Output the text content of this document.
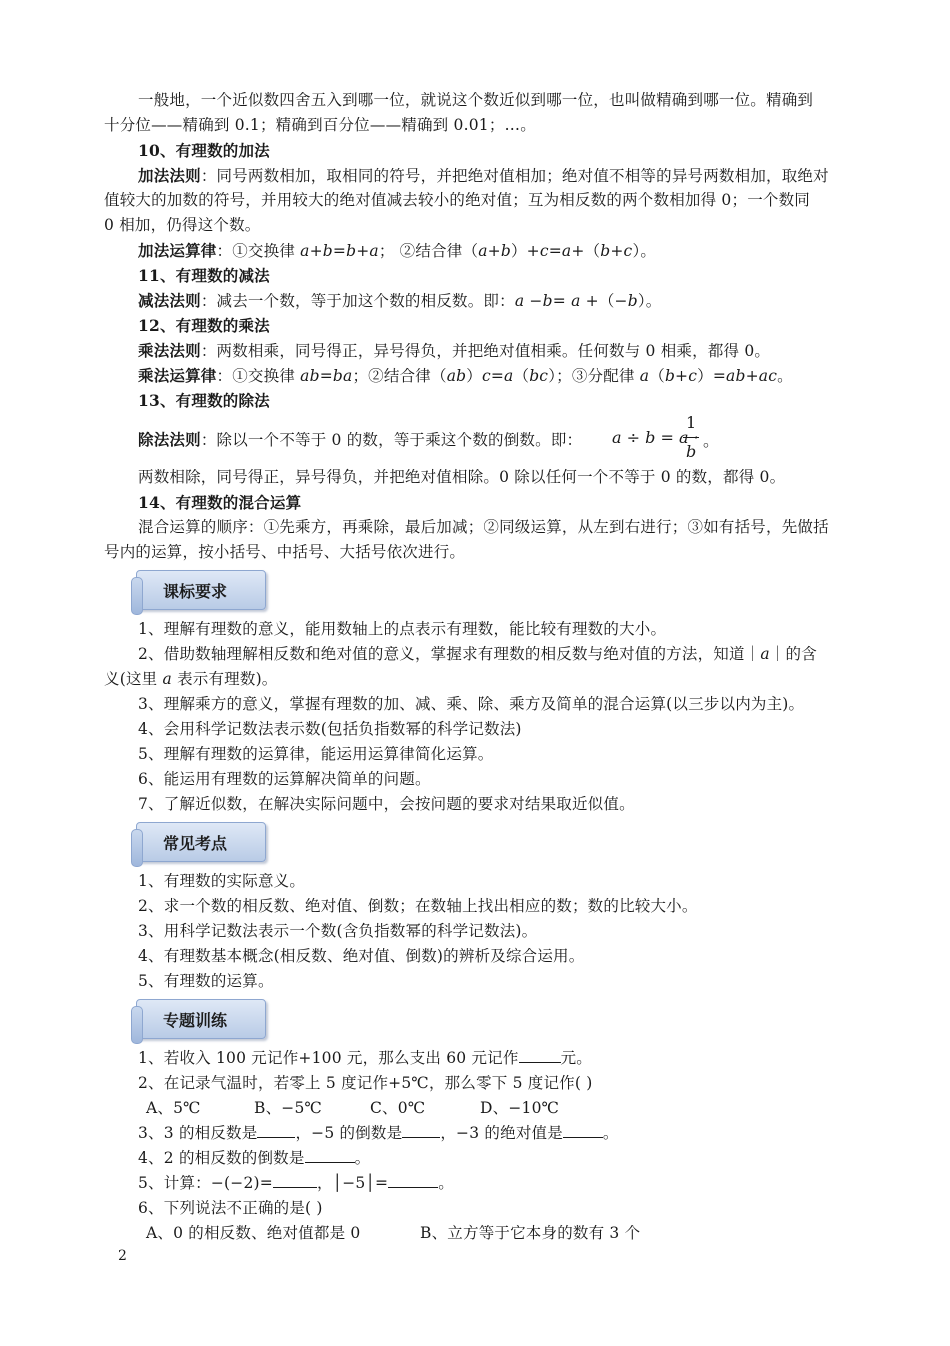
一般地，一个近似数四舍五入到哪一位，就说这个数近似到哪一位，也叫做精确到哪一位。精确到
十分位——精确到 0.1；精确到百分位——精确到 0.01；…。
10、有理数的加法
加法法则：同号两数相加，取相同的符号，并把绝对值相加；绝对值不相等的异号两数相加，取绝对
值较大的加数的符号，并用较大的绝对值减去较小的绝对值；互为相反数的两个数相加得 0；一个数同
0 相加，仍得这个数。
加法运算律：①交换律 a+b=b+a； ②结合律（a+b）+c=a+（b+c）。
11、有理数的减法
减法法则：减去一个数，等于加这个数的相反数。即：a −b= a +（−b）。
12、有理数的乘法
乘法法则：两数相乘，同号得正，异号得负，并把绝对值相乘。任何数与 0 相乘，都得 0。
乘法运算律：①交换律 ab=ba；②结合律（ab）c=a（bc）；③分配律 a（b+c）=ab+ac。
13、有理数的除法
除法法则：除以一个不等于 0 的数，等于乘这个数的倒数。即：	a ÷ b = a ·
1
b
。
两数相除，同号得正，异号得负，并把绝对值相除。0 除以任何一个不等于 0 的数，都得 0。
14、有理数的混合运算
混合运算的顺序：①先乘方，再乘除，最后加减；②同级运算，从左到右进行；③如有括号，先做括
号内的运算，按小括号、中括号、大括号依次进行。
课标要求
1、理解有理数的意义，能用数轴上的点表示有理数，能比较有理数的大小。
2、借助数轴理解相反数和绝对值的意义，掌握求有理数的相反数与绝对值的方法，知道｜a｜的含
义(这里 a 表示有理数)。
3、理解乘方的意义，掌握有理数的加、减、乘、除、乘方及简单的混合运算(以三步以内为主)。
4、会用科学记数法表示数(包括负指数幂的科学记数法)
5、理解有理数的运算律，能运用运算律简化运算。
6、能运用有理数的运算解决简单的问题。
7、了解近似数，在解决实际问题中，会按问题的要求对结果取近似值。
常见考点
1、有理数的实际意义。
2、求一个数的相反数、绝对值、倒数；在数轴上找出相应的数；数的比较大小。
3、用科学记数法表示一个数(含负指数幂的科学记数法)。
4、有理数基本概念(相反数、绝对值、倒数)的辨析及综合运用。
5、有理数的运算。
专题训练
1、若收入 100 元记作+100 元，那么支出 60 元记作	元。
2、在记录气温时，若零上 5 度记作+5℃，那么零下 5 度记作( )
A、5℃	B、−5℃	C、0℃	D、−10℃
3、3 的相反数是 ，−5 的倒数是 ，−3 的绝对值是	。
4、2 的相反数的倒数是	。
5、计算：−(−2)=	，│−5│=	。
6、下列说法不正确的是( )
A、0 的相反数、绝对值都是 0	B、立方等于它本身的数有 3 个
2
